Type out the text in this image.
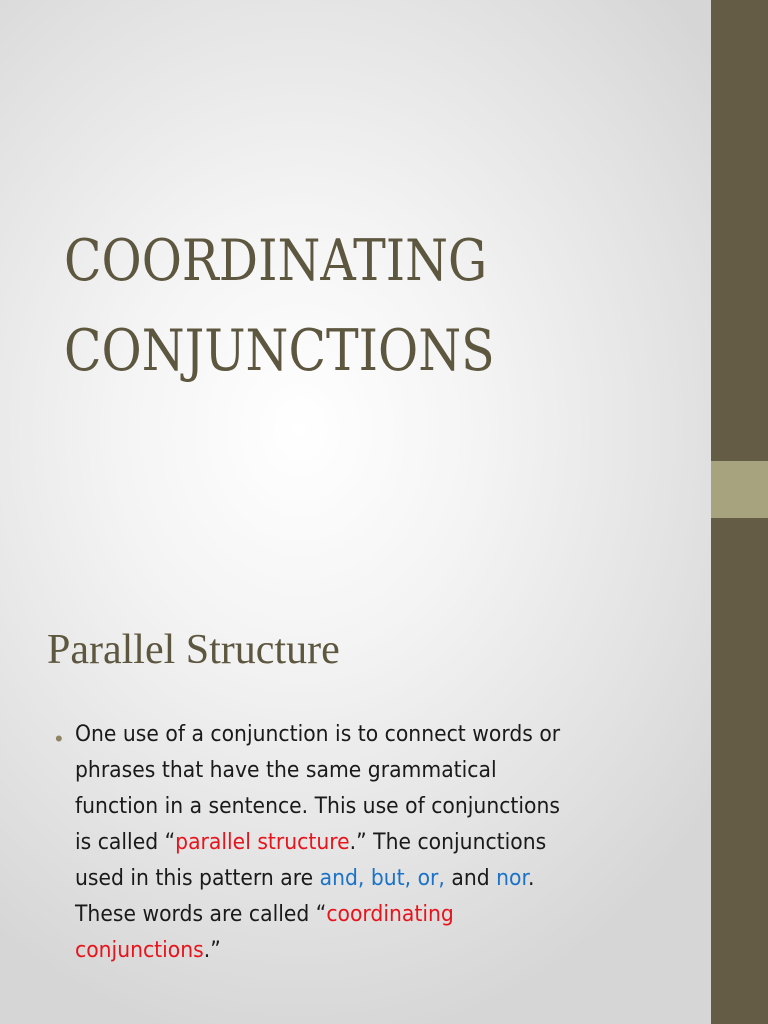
COORDINATING
CONJUNCTIONS
Parallel Structure
• One use of a conjunction is to connect words or
phrases that have the same grammatical
function in a sentence. This use of conjunctions
is called “parallel structure.” The conjunctions
used in this pattern are and, but, or, and nor.
These words are called “coordinating
conjunctions.”
